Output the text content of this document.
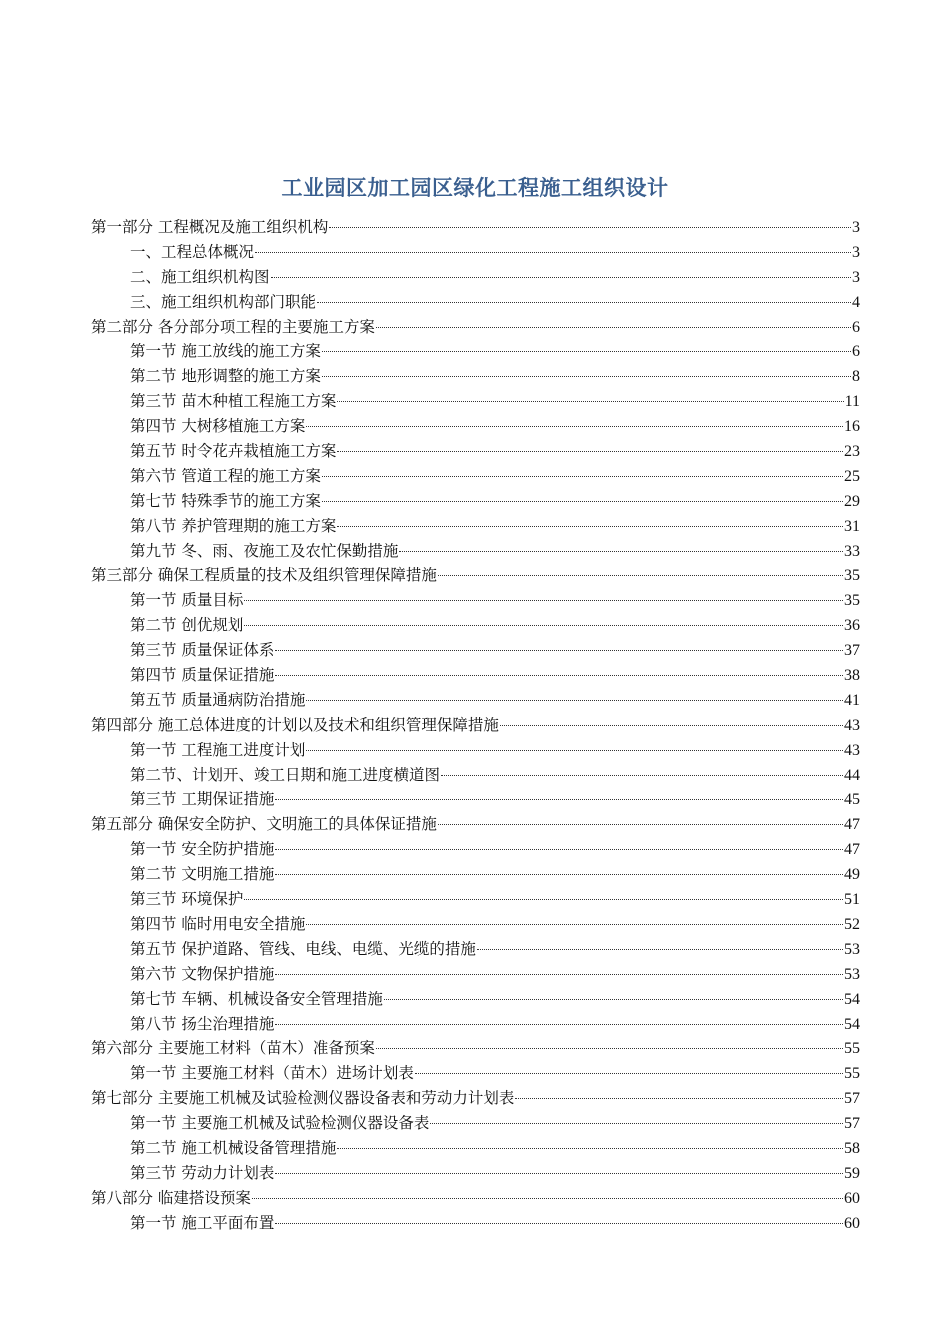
工业园区加工园区绿化工程施工组织设计
第一部分 工程概况及施工组织机构	3
一、工程总体概况	3
二、施工组织机构图	3
三、施工组织机构部门职能	4
第二部分 各分部分项工程的主要施工方案	6
第一节 施工放线的施工方案	6
第二节 地形调整的施工方案	8
第三节 苗木种植工程施工方案	11
第四节 大树移植施工方案	16
第五节 时令花卉栽植施工方案	23
第六节 管道工程的施工方案	25
第七节 特殊季节的施工方案	29
第八节 养护管理期的施工方案	31
第九节 冬、雨、夜施工及农忙保勤措施	33
第三部分 确保工程质量的技术及组织管理保障措施	35
第一节 质量目标	35
第二节 创优规划	36
第三节 质量保证体系	37
第四节 质量保证措施	38
第五节 质量通病防治措施	41
第四部分 施工总体进度的计划以及技术和组织管理保障措施	43
第一节 工程施工进度计划	43
第二节、计划开、竣工日期和施工进度横道图	44
第三节 工期保证措施	45
第五部分 确保安全防护、文明施工的具体保证措施	47
第一节 安全防护措施	47
第二节 文明施工措施	49
第三节 环境保护	51
第四节 临时用电安全措施	52
第五节 保护道路、管线、电线、电缆、光缆的措施	53
第六节 文物保护措施	53
第七节 车辆、机械设备安全管理措施	54
第八节 扬尘治理措施	54
第六部分 主要施工材料（苗木）准备预案	55
第一节 主要施工材料（苗木）进场计划表	55
第七部分 主要施工机械及试验检测仪器设备表和劳动力计划表	57
第一节 主要施工机械及试验检测仪器设备表	57
第二节 施工机械设备管理措施	58
第三节 劳动力计划表	59
第八部分 临建搭设预案	60
第一节 施工平面布置	60
